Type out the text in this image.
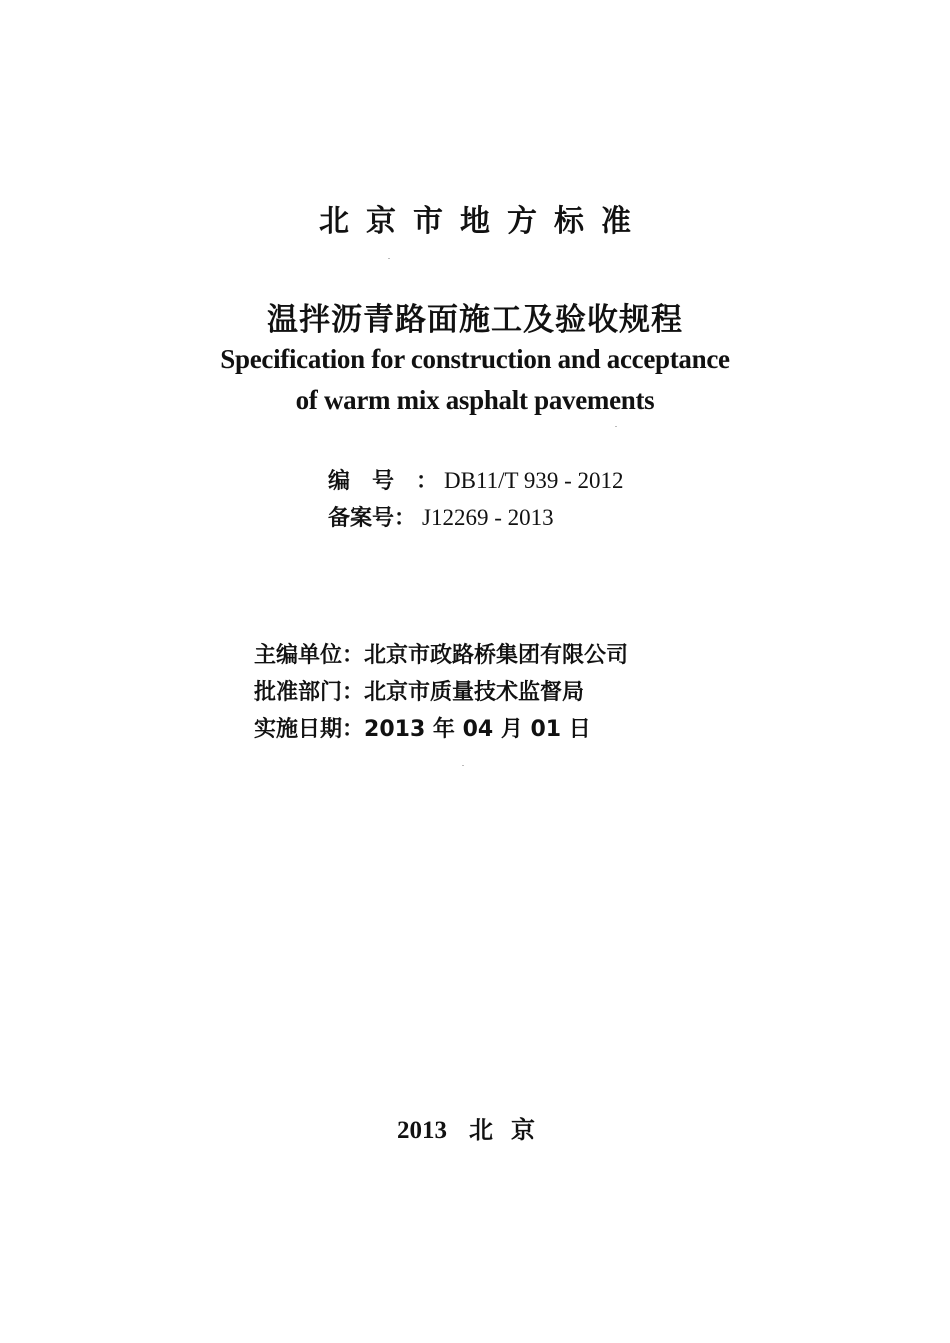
北京市地方标准
温拌沥青路面施工及验收规程
Specification for construction and acceptance
of warm mix asphalt pavements
编号 ： DB11/T 939 - 2012
备案号 ： J12269 - 2013
主编单位：北京市政路桥集团有限公司
批准部门：北京市质量技术监督局
实施日期：2013 年 04 月 01 日
2013 北京
